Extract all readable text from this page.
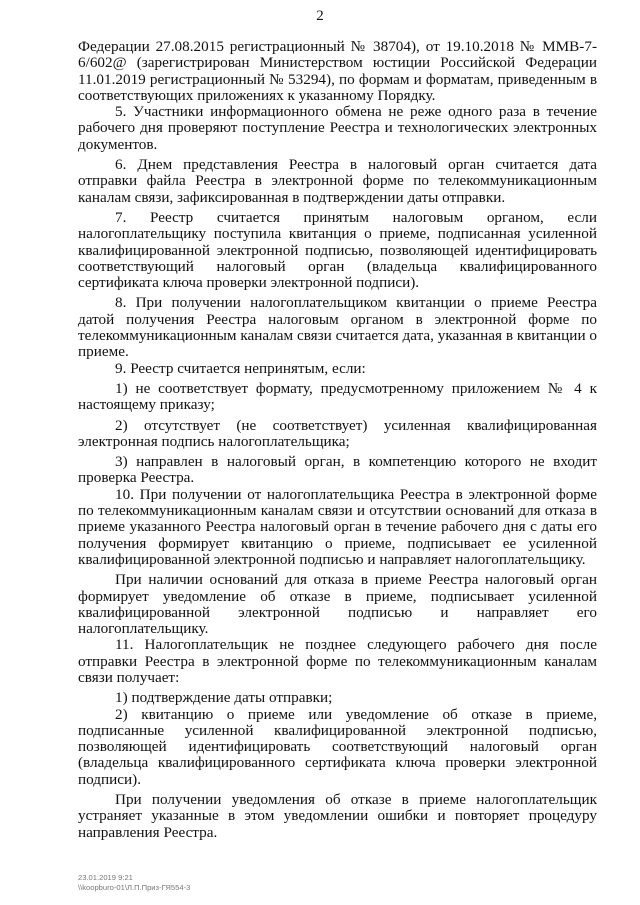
2

Федерации 27.08.2015 регистрационный № 38704), от 19.10.2018 № ММВ-7-6/602@ (зарегистрирован Министерством юстиции Российской Федерации 11.01.2019 регистрационный № 53294), по формам и форматам, приведенным в соответствующих приложениях к указанному Порядку.

5. Участники информационного обмена не реже одного раза в течение рабочего дня проверяют поступление Реестра и технологических электронных документов.

6. Днем представления Реестра в налоговый орган считается дата отправки файла Реестра в электронной форме по телекоммуникационным каналам связи, зафиксированная в подтверждении даты отправки.

7. Реестр считается принятым налоговым органом, если налогоплательщику поступила квитанция о приеме, подписанная усиленной квалифицированной электронной подписью, позволяющей идентифицировать соответствующий налоговый орган (владельца квалифицированного сертификата ключа проверки электронной подписи).

8. При получении налогоплательщиком квитанции о приеме Реестра датой получения Реестра налоговым органом в электронной форме по телекоммуникационным каналам связи считается дата, указанная в квитанции о приеме.

9. Реестр считается непринятым, если:

1) не соответствует формату, предусмотренному приложением № 4 к настоящему приказу;

2) отсутствует (не соответствует) усиленная квалифицированная электронная подпись налогоплательщика;

3) направлен в налоговый орган, в компетенцию которого не входит проверка Реестра.

10. При получении от налогоплательщика Реестра в электронной форме по телекоммуникационным каналам связи и отсутствии оснований для отказа в приеме указанного Реестра налоговый орган в течение рабочего дня с даты его получения формирует квитанцию о приеме, подписывает ее усиленной квалифицированной электронной подписью и направляет налогоплательщику.

При наличии оснований для отказа в приеме Реестра налоговый орган формирует уведомление об отказе в приеме, подписывает усиленной квалифицированной электронной подписью и направляет его налогоплательщику.

11. Налогоплательщик не позднее следующего рабочего дня после отправки Реестра в электронной форме по телекоммуникационным каналам связи получает:

1) подтверждение даты отправки;

2) квитанцию о приеме или уведомление об отказе в приеме, подписанные усиленной квалифицированной электронной подписью, позволяющей идентифицировать соответствующий налоговый орган (владельца квалифицированного сертификата ключа проверки электронной подписи).

При получении уведомления об отказе в приеме налогоплательщик устраняет указанные в этом уведомлении ошибки и повторяет процедуру направления Реестра.

23.01.2019 9:21
\\koopburo-01\Л.П.Приз-ГЯ554-3
